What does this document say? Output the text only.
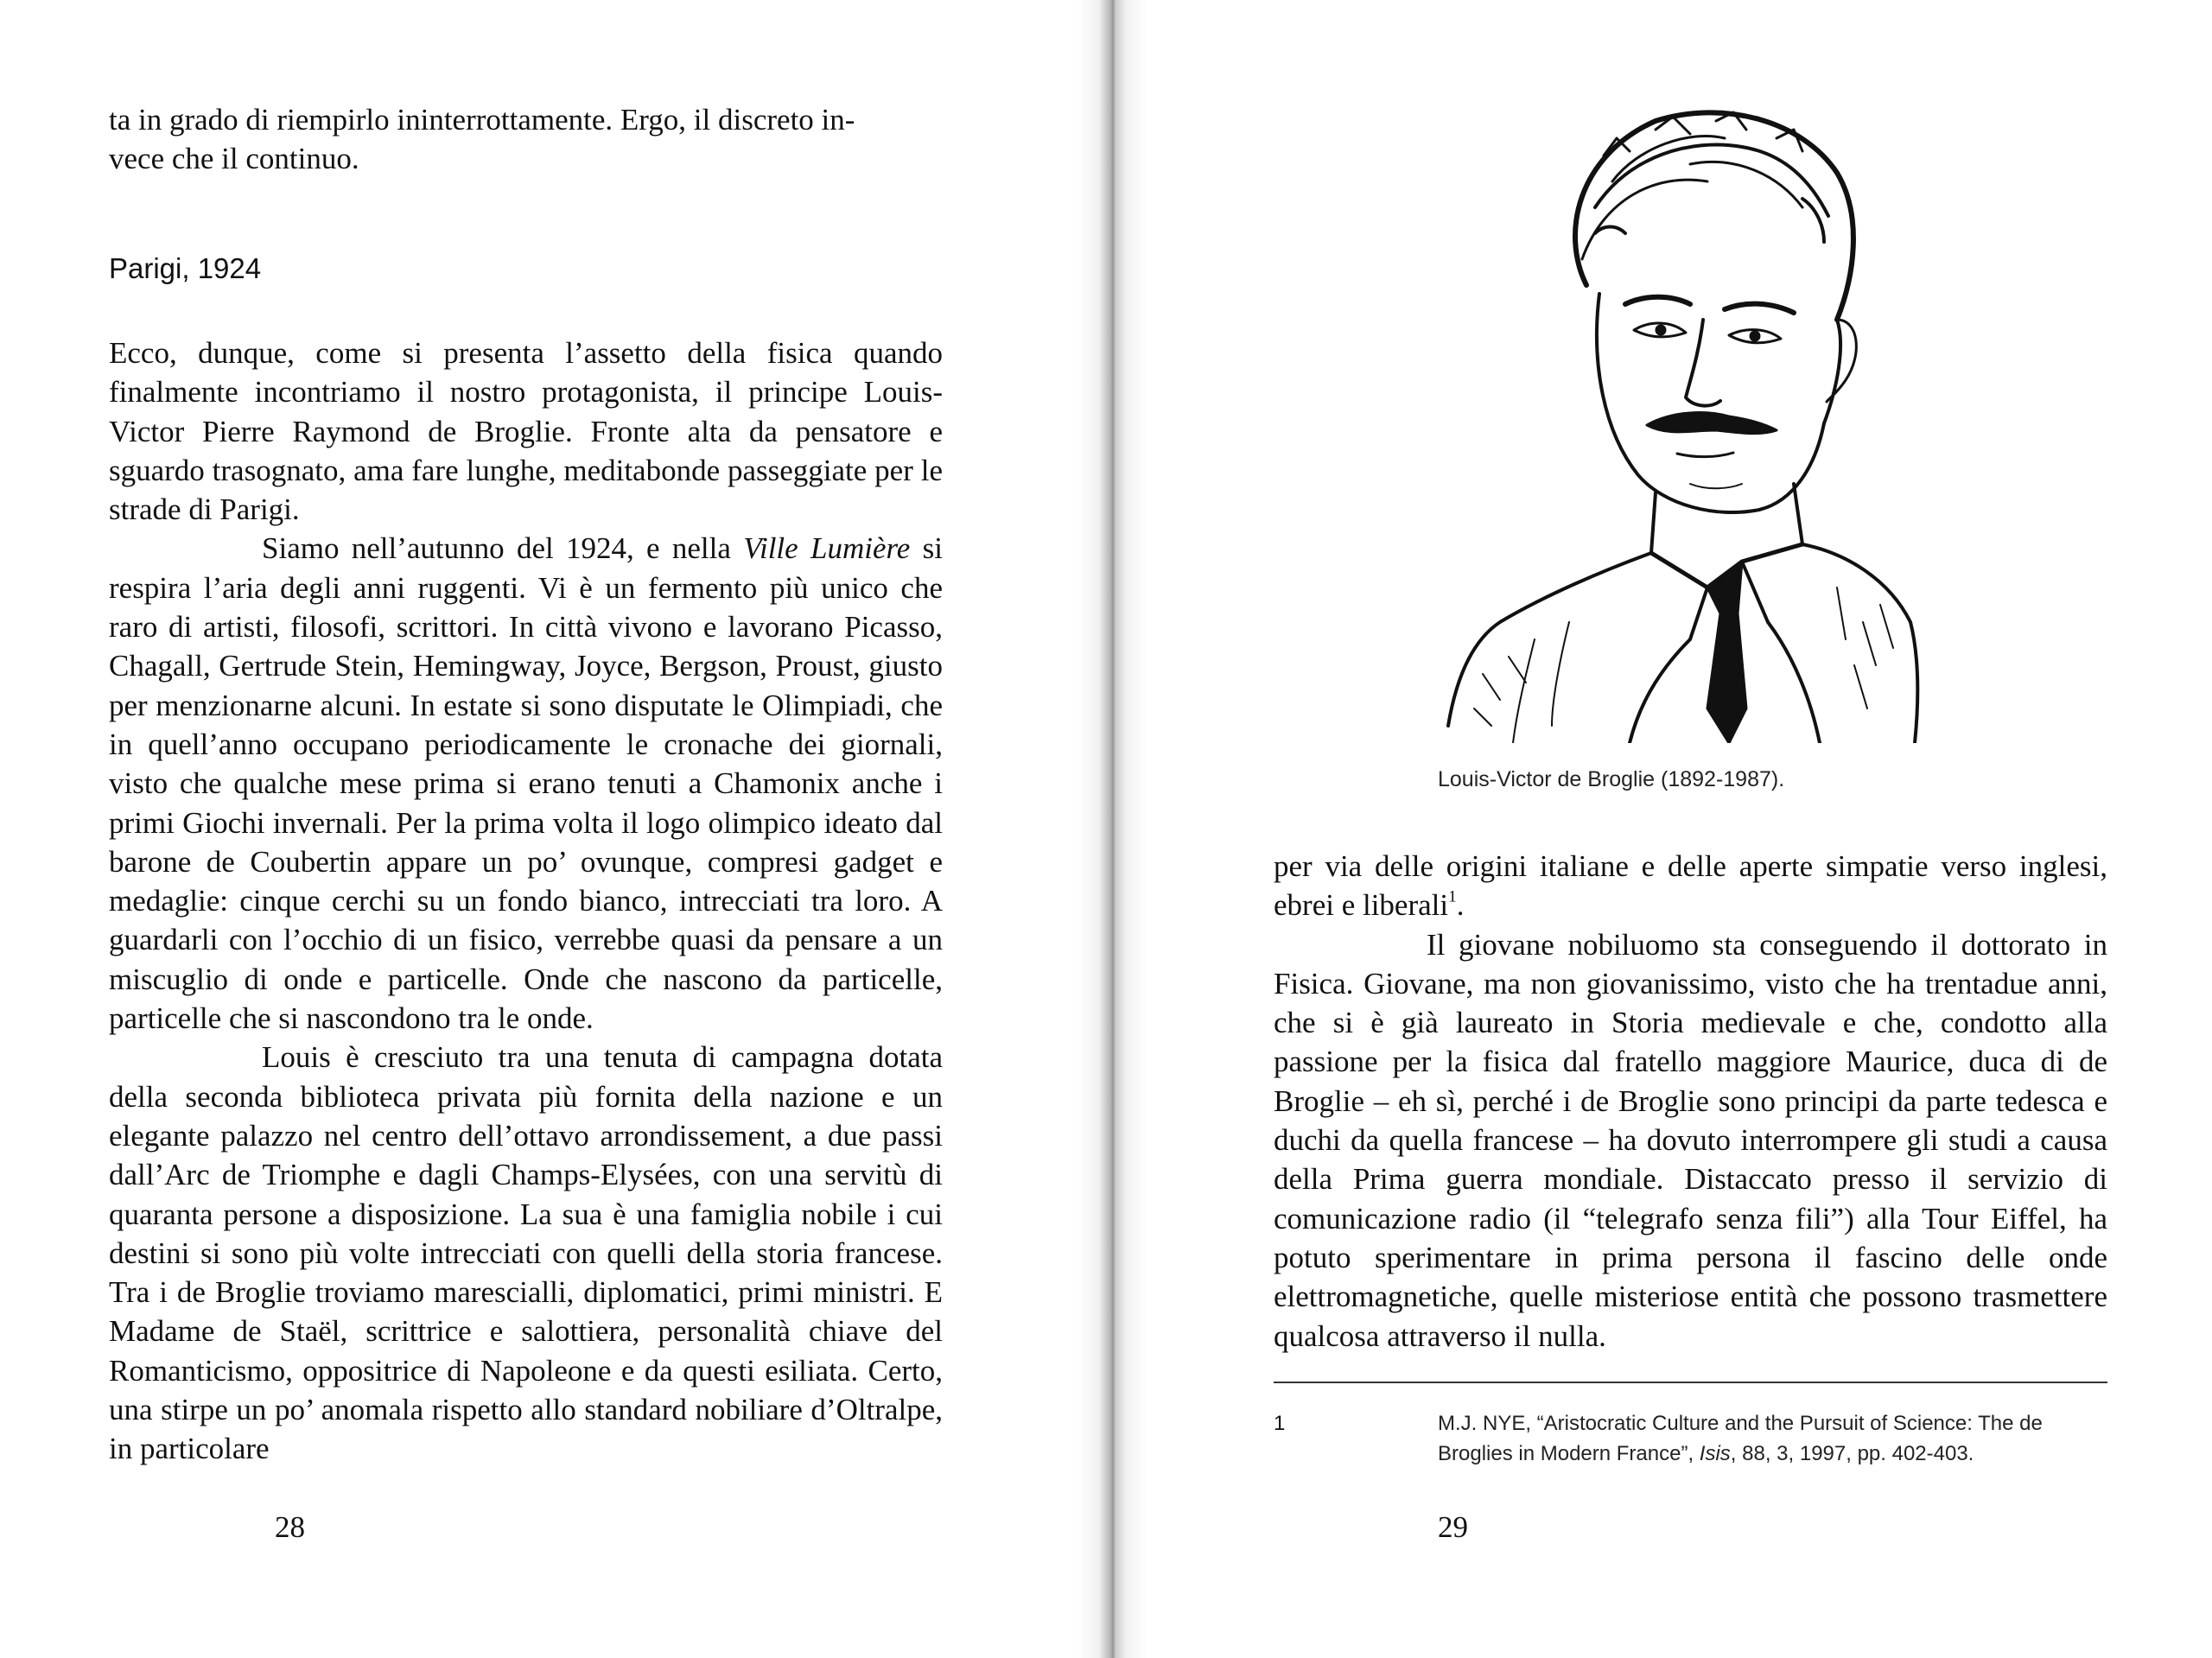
ta in grado di riempirlo ininterrottamente. Ergo, il discreto in-
vece che il continuo.
Parigi, 1924

Ecco, dunque, come si presenta l’assetto della fisica quando finalmente incontriamo il nostro protagonista, il principe Louis-Victor Pierre Raymond de Broglie. Fronte alta da pensatore e sguardo trasognato, ama fare lunghe, meditabonde passeggiate per le strade di Parigi.

Siamo nell’autunno del 1924, e nella Ville Lumière si respira l’aria degli anni ruggenti. Vi è un fermento più unico che raro di artisti, filosofi, scrittori. In città vivono e lavorano Picasso, Chagall, Gertrude Stein, Hemingway, Joyce, Bergson, Proust, giusto per menzionarne alcuni. In estate si sono disputate le Olimpiadi, che in quell’anno occupano periodicamente le cronache dei giornali, visto che qualche mese prima si erano tenuti a Chamonix anche i primi Giochi invernali. Per la prima volta il logo olimpico ideato dal barone de Coubertin appare un po’ ovunque, compresi gadget e medaglie: cinque cerchi su un fondo bianco, intrecciati tra loro. A guardarli con l’occhio di un fisico, verrebbe quasi da pensare a un miscuglio di onde e particelle. Onde che nascono da particelle, particelle che si nascondono tra le onde.

Louis è cresciuto tra una tenuta di campagna dotata della seconda biblioteca privata più fornita della nazione e un elegante palazzo nel centro dell’ottavo arrondissement, a due passi dall’Arc de Triomphe e dagli Champs-Elysées, con una servitù di quaranta persone a disposizione. La sua è una famiglia nobile i cui destini si sono più volte intrecciati con quelli della storia francese. Tra i de Broglie troviamo marescialli, diplomatici, primi ministri. E Madame de Staël, scrittrice e salottiera, personalità chiave del Romanticismo, oppositrice di Napoleone e da questi esiliata. Certo, una stirpe un po’ anomala rispetto allo standard nobiliare d’Oltralpe, in particolare

28
Louis-Victor de Broglie (1892-1987).

per via delle origini italiane e delle aperte simpatie verso inglesi, ebrei e liberali$^1$.

Il giovane nobiluomo sta conseguendo il dottorato in Fisica. Giovane, ma non giovanissimo, visto che ha trentadue anni, che si è già laureato in Storia medievale e che, condotto alla passione per la fisica dal fratello maggiore Maurice, duca di de Broglie – eh sì, perché i de Broglie sono principi da parte tedesca e duchi da quella francese – ha dovuto interrompere gli studi a causa della Prima guerra mondiale. Distaccato presso il servizio di comunicazione radio (il “telegrafo senza fili”) alla Tour Eiffel, ha potuto sperimentare in prima persona il fascino delle onde elettromagnetiche, quelle misteriose entità che possono trasmettere qualcosa attraverso il nulla.

1	M.J. NYE, “Aristocratic Culture and the Pursuit of Science: The de Broglies in Modern France”, Isis, 88, 3, 1997, pp. 402-403.
29
